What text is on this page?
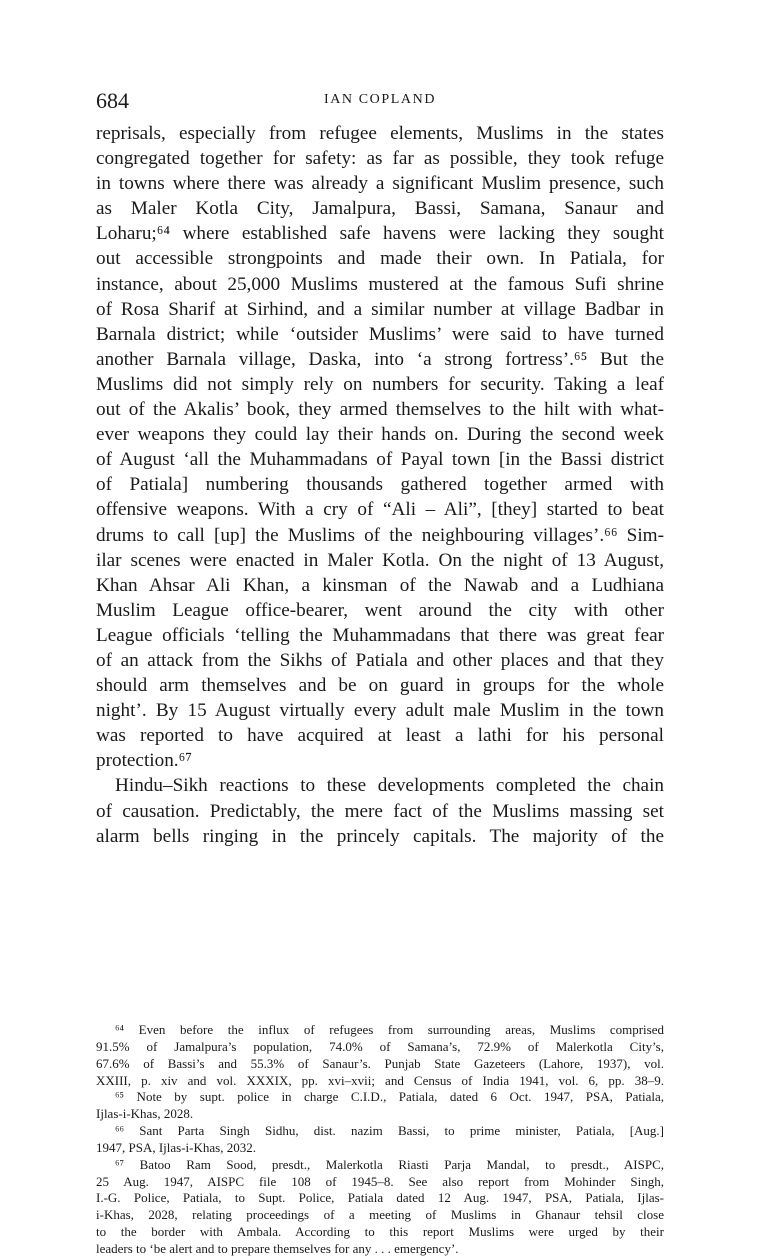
684	IAN COPLAND
reprisals, especially from refugee elements, Muslims in the states
congregated together for safety: as far as possible, they took refuge
in towns where there was already a significant Muslim presence, such
as Maler Kotla City, Jamalpura, Bassi, Samana, Sanaur and
Loharu;⁶⁴ where established safe havens were lacking they sought
out accessible strongpoints and made their own. In Patiala, for
instance, about 25,000 Muslims mustered at the famous Sufi shrine
of Rosa Sharif at Sirhind, and a similar number at village Badbar in
Barnala district; while ‘outsider Muslims’ were said to have turned
another Barnala village, Daska, into ‘a strong fortress’.⁶⁵ But the
Muslims did not simply rely on numbers for security. Taking a leaf
out of the Akalis’ book, they armed themselves to the hilt with what-
ever weapons they could lay their hands on. During the second week
of August ‘all the Muhammadans of Payal town [in the Bassi district
of Patiala] numbering thousands gathered together armed with
offensive weapons. With a cry of “Ali – Ali”, [they] started to beat
drums to call [up] the Muslims of the neighbouring villages’.⁶⁶ Sim-
ilar scenes were enacted in Maler Kotla. On the night of 13 August,
Khan Ahsar Ali Khan, a kinsman of the Nawab and a Ludhiana
Muslim League office-bearer, went around the city with other
League officials ‘telling the Muhammadans that there was great fear
of an attack from the Sikhs of Patiala and other places and that they
should arm themselves and be on guard in groups for the whole
night’. By 15 August virtually every adult male Muslim in the town
was reported to have acquired at least a lathi for his personal
protection.⁶⁷
Hindu–Sikh reactions to these developments completed the chain
of causation. Predictably, the mere fact of the Muslims massing set
alarm bells ringing in the princely capitals. The majority of the
⁶⁴ Even before the influx of refugees from surrounding areas, Muslims comprised
91.5% of Jamalpura’s population, 74.0% of Samana’s, 72.9% of Malerkotla City’s,
67.6% of Bassi’s and 55.3% of Sanaur’s. Punjab State Gazeteers (Lahore, 1937), vol.
XXIII, p. xiv and vol. XXXIX, pp. xvi–xvii; and Census of India 1941, vol. 6, pp. 38–9.
⁶⁵ Note by supt. police in charge C.I.D., Patiala, dated 6 Oct. 1947, PSA, Patiala,
Ijlas-i-Khas, 2028.
⁶⁶ Sant Parta Singh Sidhu, dist. nazim Bassi, to prime minister, Patiala, [Aug.]
1947, PSA, Ijlas-i-Khas, 2032.
⁶⁷ Batoo Ram Sood, presdt., Malerkotla Riasti Parja Mandal, to presdt., AISPC,
25 Aug. 1947, AISPC file 108 of 1945–8. See also report from Mohinder Singh,
I.-G. Police, Patiala, to Supt. Police, Patiala dated 12 Aug. 1947, PSA, Patiala, Ijlas-
i-Khas, 2028, relating proceedings of a meeting of Muslims in Ghanaur tehsil close
to the border with Ambala. According to this report Muslims were urged by their
leaders to ‘be alert and to prepare themselves for any . . . emergency’.
